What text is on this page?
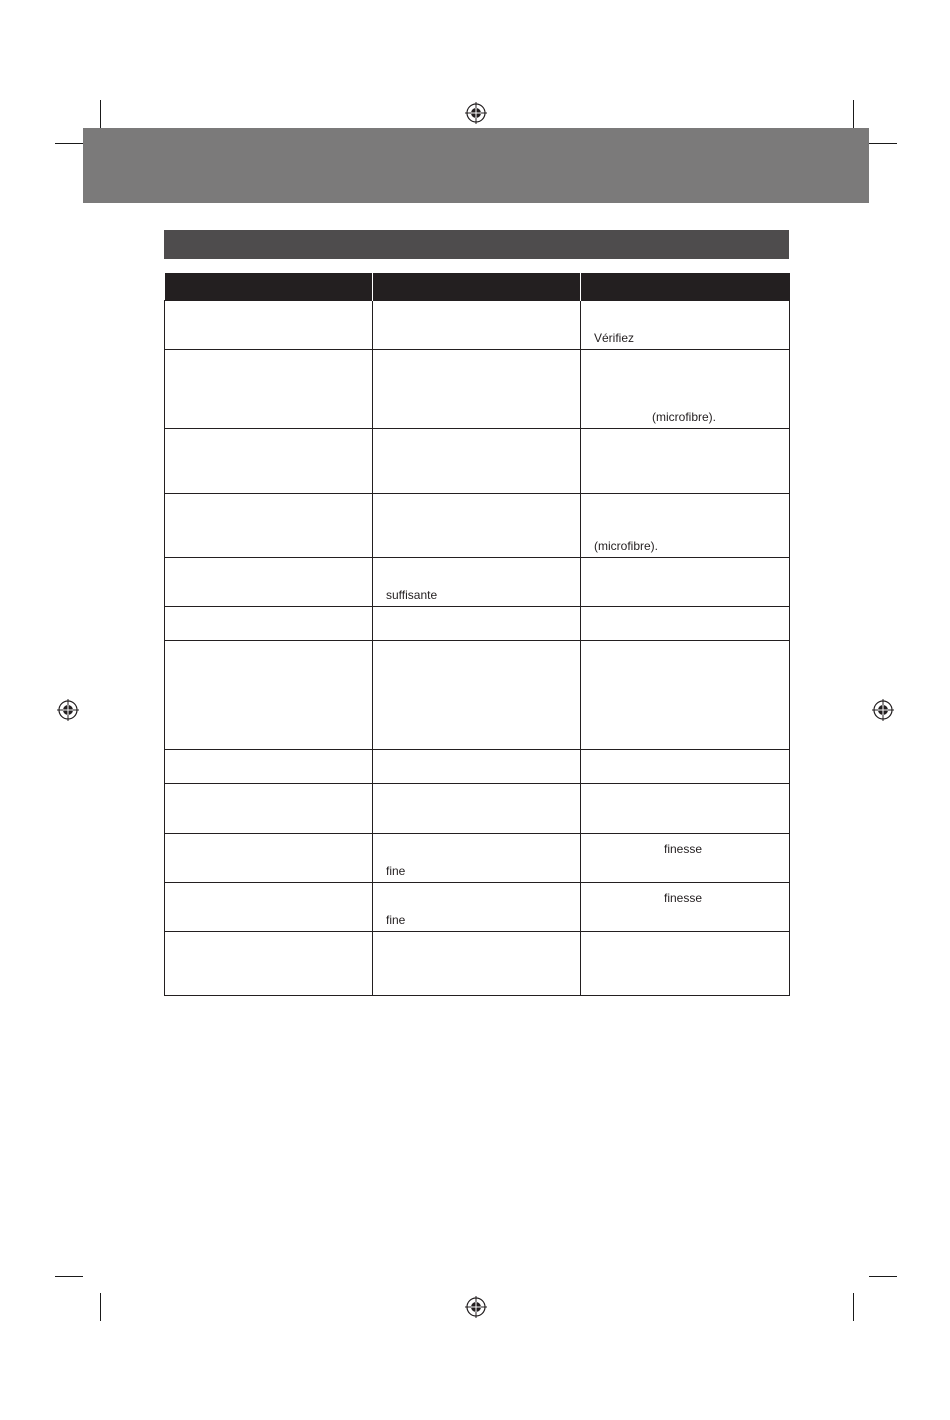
		Vérifiez
		(microfibre).

		(microfibre).
	suffisante	

	fine	finesse
	fine	finesse
